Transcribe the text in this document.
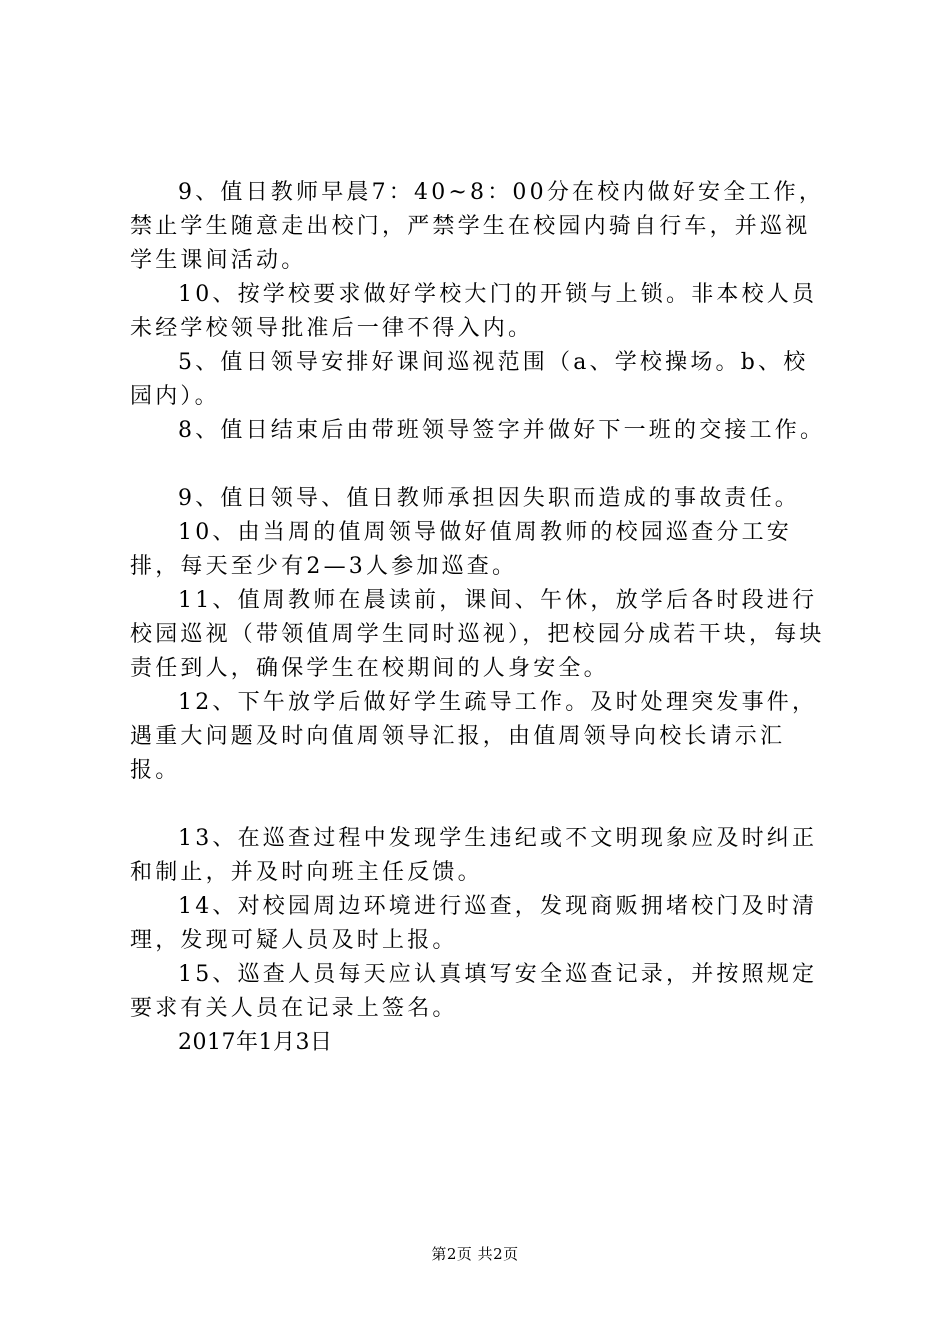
9、值日教师早晨7：40~8：00分在校内做好安全工作，禁止学生随意走出校门，严禁学生在校园内骑自行车，并巡视学生课间活动。

10、按学校要求做好学校大门的开锁与上锁。非本校人员未经学校领导批准后一律不得入内。

5、值日领导安排好课间巡视范围（a、学校操场。b、校园内）。

8、值日结束后由带班领导签字并做好下一班的交接工作。

9、值日领导、值日教师承担因失职而造成的事故责任。

10、由当周的值周领导做好值周教师的校园巡查分工安排，每天至少有2—3人参加巡查。

11、值周教师在晨读前，课间、午休，放学后各时段进行校园巡视（带领值周学生同时巡视），把校园分成若干块，每块责任到人，确保学生在校期间的人身安全。

12、下午放学后做好学生疏导工作。及时处理突发事件，遇重大问题及时向值周领导汇报，由值周领导向校长请示汇报。

13、在巡查过程中发现学生违纪或不文明现象应及时纠正和制止，并及时向班主任反馈。

14、对校园周边环境进行巡查，发现商贩拥堵校门及时清理，发现可疑人员及时上报。

15、巡查人员每天应认真填写安全巡查记录，并按照规定要求有关人员在记录上签名。

2017年1月3日

第2页 共2页
